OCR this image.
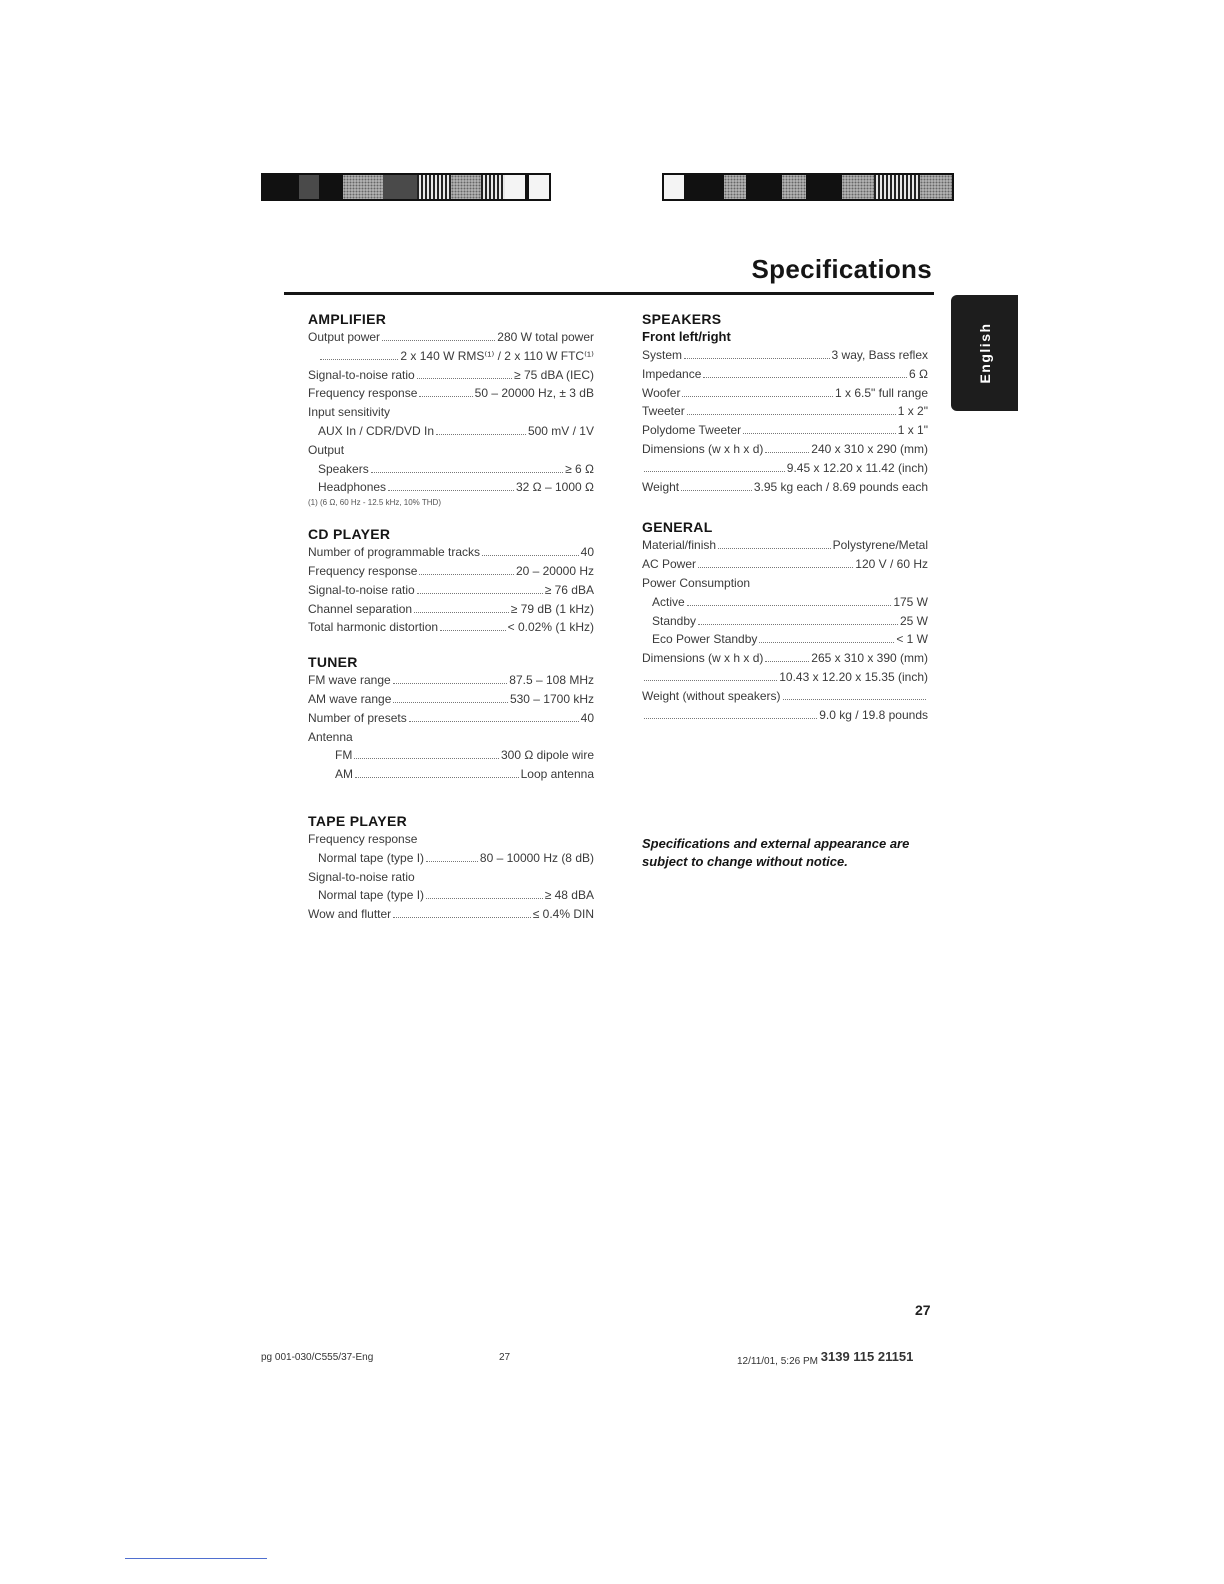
Specifications
English
AMPLIFIER
Output power	280 W total power
2 x 140 W RMS⁽¹⁾ / 2 x 110 W FTC⁽¹⁾
Signal-to-noise ratio	≥ 75 dBA (IEC)
Frequency response	50 – 20000 Hz, ± 3 dB
Input sensitivity
AUX In / CDR/DVD In	500 mV / 1V
Output
Speakers	≥ 6 Ω
Headphones	32 Ω – 1000 Ω
(1) (6 Ω, 60 Hz - 12.5 kHz, 10% THD)
CD PLAYER
Number of programmable tracks	40
Frequency response	20 – 20000 Hz
Signal-to-noise ratio	≥ 76 dBA
Channel separation	≥ 79 dB (1 kHz)
Total harmonic distortion	< 0.02% (1 kHz)
TUNER
FM wave range	87.5 – 108 MHz
AM wave range	530 – 1700 kHz
Number of presets	40
Antenna
FM	300 Ω dipole wire
AM	Loop antenna
TAPE PLAYER
Frequency response
Normal tape (type I)	80 – 10000 Hz (8 dB)
Signal-to-noise ratio
Normal tape (type I)	≥ 48 dBA
Wow and flutter	≤ 0.4% DIN
SPEAKERS
Front left/right
System	3 way, Bass reflex
Impedance	6 Ω
Woofer	1 x 6.5" full range
Tweeter	1 x 2"
Polydome Tweeter	1 x 1"
Dimensions (w x h x d)	240 x 310 x 290 (mm)
9.45 x 12.20 x 11.42 (inch)
Weight	3.95 kg each / 8.69 pounds each
GENERAL
Material/finish	Polystyrene/Metal
AC Power	120 V / 60 Hz
Power Consumption
Active	175 W
Standby	25 W
Eco Power Standby	< 1 W
Dimensions (w x h x d)	265 x 310 x 390 (mm)
10.43 x 12.20 x 15.35 (inch)
Weight (without speakers)
9.0 kg / 19.8 pounds

Specifications and external appearance are subject to change without notice.

27
pg 001-030/C555/37-Eng	27	12/11/01, 5:26 PM 3139 115 21151
